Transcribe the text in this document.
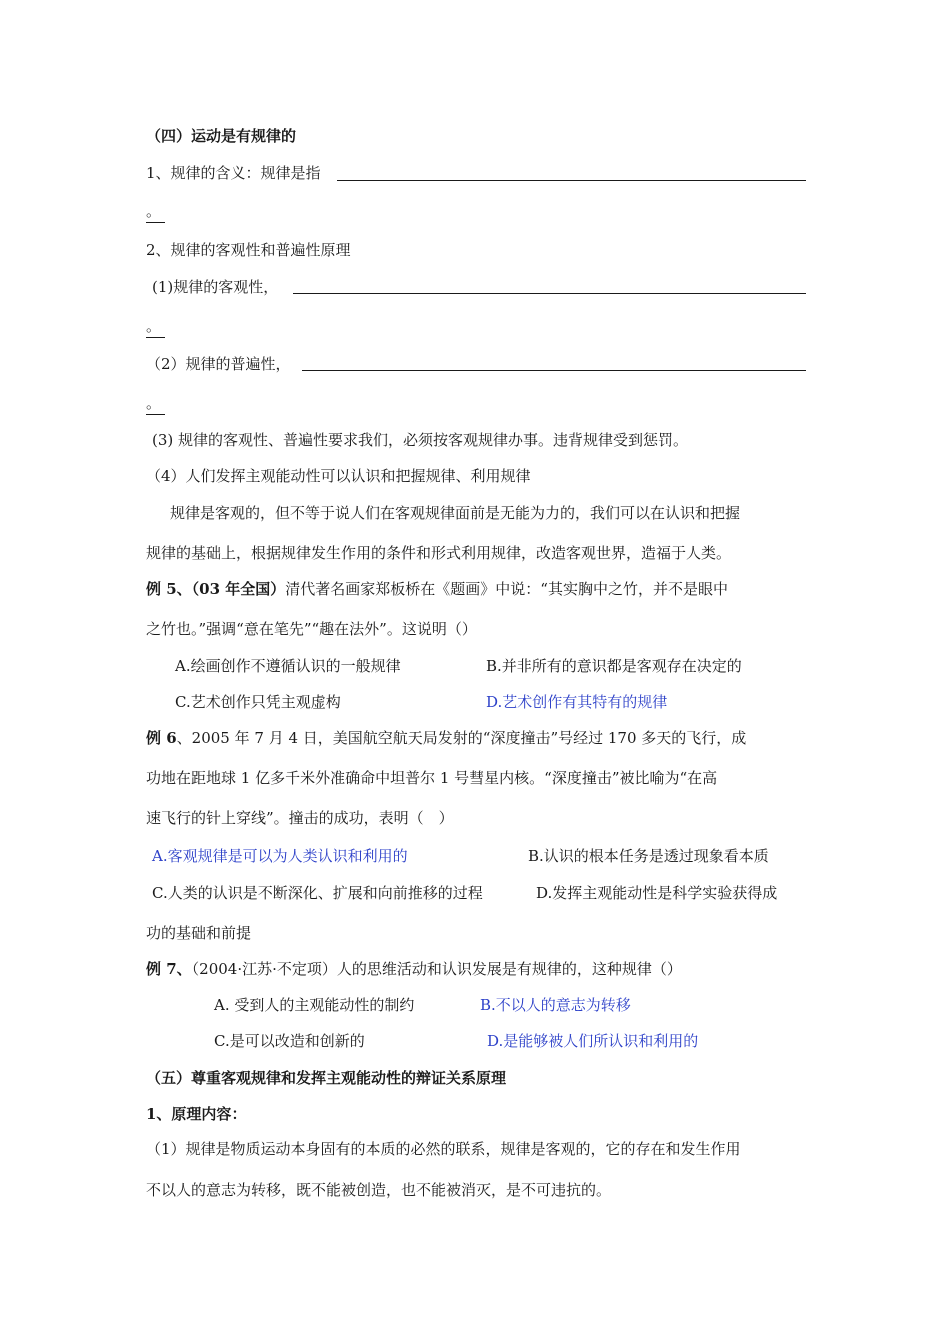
（四）运动是有规律的
1、规律的含义：规律是指
。
2、规律的客观性和普遍性原理
(1)规律的客观性，
。
（2）规律的普遍性，
。
(3) 规律的客观性、普遍性要求我们，必须按客观规律办事。违背规律受到惩罚。
（4）人们发挥主观能动性可以认识和把握规律、利用规律
规律是客观的，但不等于说人们在客观规律面前是无能为力的，我们可以在认识和把握
规律的基础上，根据规律发生作用的条件和形式利用规律，改造客观世界，造福于人类。
例 5、（03 年全国）清代著名画家郑板桥在《题画》中说：“其实胸中之竹，并不是眼中
之竹也。”强调“意在笔先”“趣在法外”。这说明（）
A.绘画创作不遵循认识的一般规律	B.并非所有的意识都是客观存在决定的
C.艺术创作只凭主观虚构	D.艺术创作有其特有的规律
例 6、2005 年 7 月 4 日，美国航空航天局发射的“深度撞击”号经过 170 多天的飞行，成
功地在距地球 1 亿多千米外准确命中坦普尔 1 号彗星内核。“深度撞击”被比喻为“在高
速飞行的针上穿线”。撞击的成功，表明（　）
A.客观规律是可以为人类认识和利用的	B.认识的根本任务是透过现象看本质
C.人类的认识是不断深化、扩展和向前推移的过程	D.发挥主观能动性是科学实验获得成
功的基础和前提
例 7、（2004·江苏·不定项）人的思维活动和认识发展是有规律的，这种规律（）
A. 受到人的主观能动性的制约	B.不以人的意志为转移
C.是可以改造和创新的	D.是能够被人们所认识和利用的
（五）尊重客观规律和发挥主观能动性的辩证关系原理
1、原理内容：
（1）规律是物质运动本身固有的本质的必然的联系，规律是客观的，它的存在和发生作用
不以人的意志为转移，既不能被创造，也不能被消灭，是不可违抗的。
